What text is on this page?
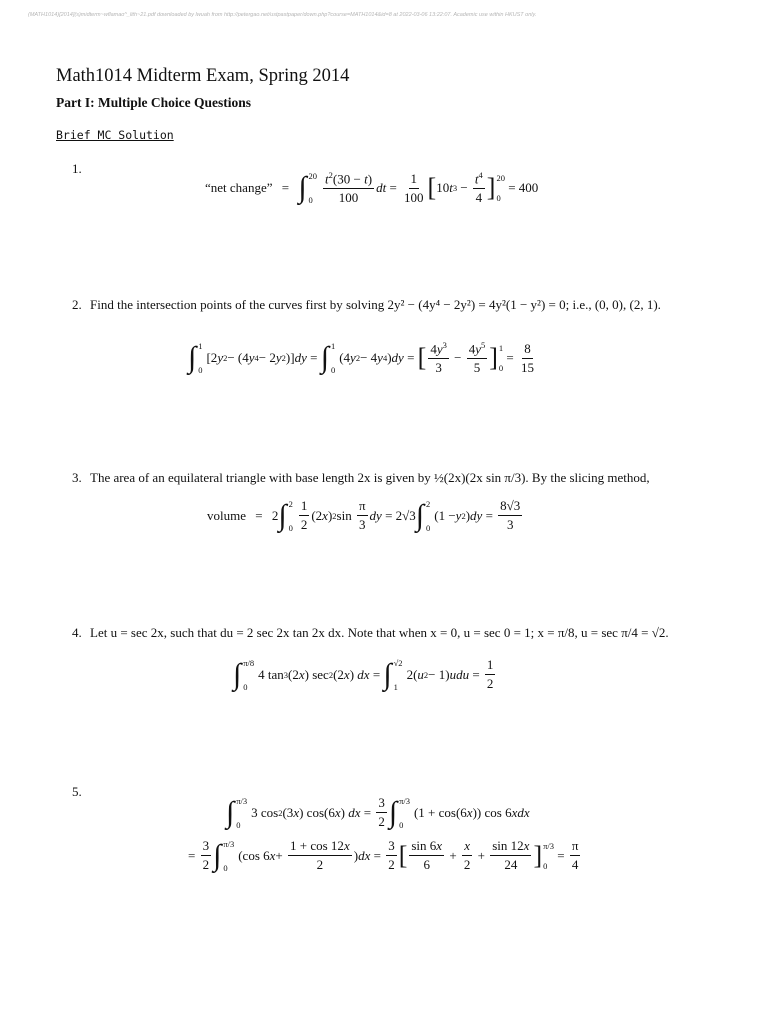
(MATH1014)[2014](s)midterm~wflamao^_lith~21.pdf downloaded by lwuah from http://petergao.net/ustpastpaper/down.php?course=MATH1014&id=8 at 2022-03-06 13:22:07. Academic use within HKUST only.
Math1014 Midterm Exam, Spring 2014
Part I: Multiple Choice Questions
Brief MC Solution
1.
“net change” = ∫ 20
$0 \frac{t^2(30 - t)}{100}$ dt = $\frac{1}{100}$ [ 10 t $3 - \frac{t^4}{4}$ ] 20
0
= 400
2. Find the intersection points of the curves first by solving 2y² − (4y⁴ − 2y²) = 4y²(1 − y²) = 0; i.e., (0, 0), (2, 1).
∫ 1
0
[2 y 2 − (4 y 4 − 2 y 2 )] dy = ∫ 1
0
(4 y 2 − 4 y 4 ) dy = [ $\frac{4y^3}{3} - \frac{4y^5}{5}$ ] 1
0
= $\frac{8}{15}$
3. The area of an equilateral triangle with base length 2x is given by ½(2x)(2x sin π/3). By the slicing method,
volume =
2 ∫ 2
$0 \frac{1}{2} (2$ x ) 2 $\sin \frac{\pi}{3}$ dy = 2√3 ∫ 2
0
(1 − y 2 ) dy = $\frac{8√3}{3}$
4. Let u = sec 2x, such that du = 2 sec 2x tan 2x dx. Note that when x = 0, u = sec 0 = 1; x = π/8, u = sec π/4 = √2.
∫ π/8
0
4 tan 3 (2 x ) sec 2 (2 x ) dx = ∫ √2
1
2( u 2 − 1) udu = $\frac{1}{2}$
5.
∫ π/3
0
3 cos 2 (3 x ) cos(6 x ) dx = $\frac{3}{2}$ ∫ π/3
0
(1 + cos(6 x )) cos 6 xdx
= $\frac{3}{2}$ ∫ π/3
0
(cos 6 $x + \frac{1 + \cos 12x}{2}$ ) dx = $\frac{3}{2}$ [ $\frac{\sin 6x}{6} + \frac{x}{2} + \frac{\sin 12x}{24}$ ] π/3
0
= $\frac{\pi}{4}$
